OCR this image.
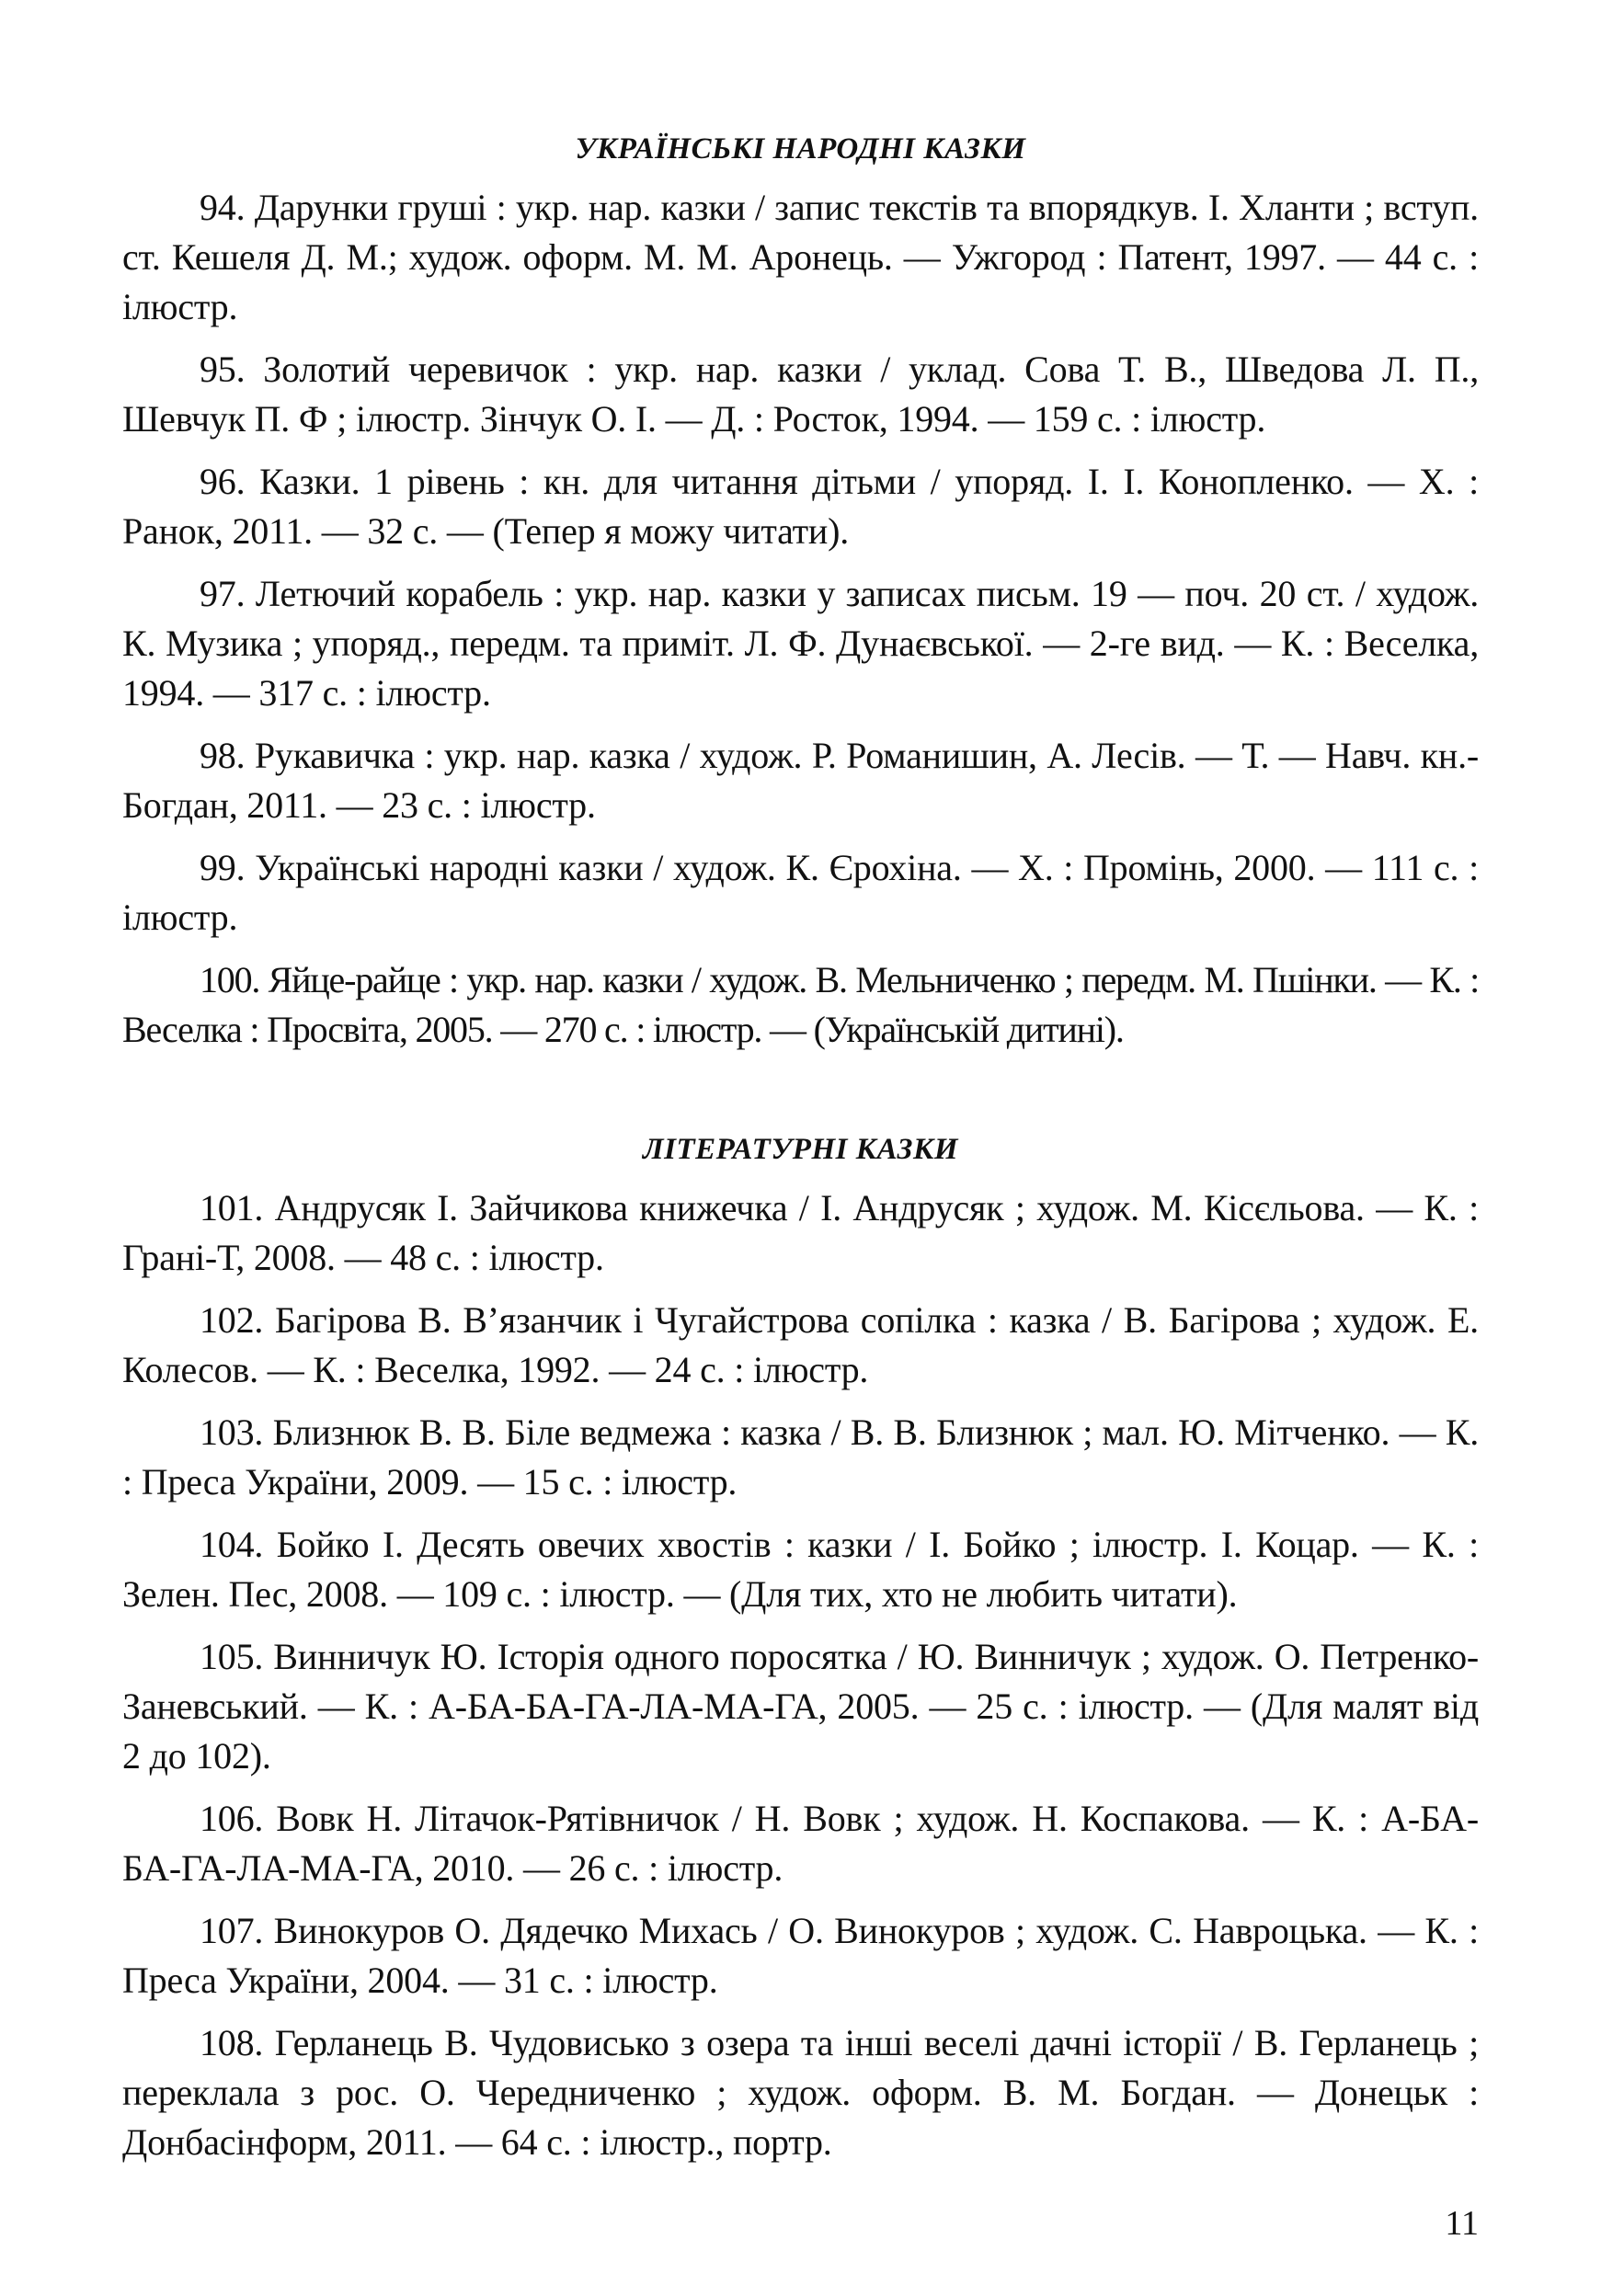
УКРАЇНСЬКІ НАРОДНІ КАЗКИ

94. Дарунки груші : укр. нар. казки / запис текстів та впорядкув. І. Хланти ; вступ. ст. Кешеля Д. М.; худож. оформ. М. М. Аронець. — Ужгород : Патент, 1997. — 44 с. : ілюстр.

95. Золотий черевичок : укр. нар. казки / уклад. Сова Т. В., Шведова Л. П., Шевчук П. Ф ; ілюстр. Зінчук О. І. — Д. : Росток, 1994. — 159 с. : ілюстр.

96. Казки. 1 рівень : кн. для читання дітьми / упоряд. І. І. Коноплeнко. — Х. : Ранок, 2011. — 32 с. — (Тепер я можу читати).

97. Летючий корабель : укр. нар. казки у записах письм. 19 — поч. 20 ст. / худож. К. Музика ; упоряд., передм. та приміт. Л. Ф. Дунаєвської. — 2-ге вид. — К. : Веселка, 1994. — 317 с. : ілюстр.

98. Рукавичка : укр. нар. казка / худож. Р. Романишин, А. Лесів. — Т. — Навч. кн.-Богдан, 2011. — 23 с. : ілюстр.

99. Українські народні казки / худож. К. Єрохіна. — Х. : Промінь, 2000. — 111 с. : ілюстр.

100. Яйце-райце : укр. нар. казки / худож. В. Мельниченко ; передм. М. Пшінки. — К. : Веселка : Просвіта, 2005. — 270 с. : ілюстр. — (Українській дитині).

ЛІТЕРАТУРНІ КАЗКИ

101. Андрусяк І. Зайчикова книжечка / І. Андрусяк ; худож. М. Кісєльова. — К. : Грані-Т, 2008. — 48 с. : ілюстр.

102. Багірова В. В’язанчик і Чугайстрова сопілка : казка / В. Багірова ; худож. Е. Колесов. — К. : Веселка, 1992. — 24 с. : ілюстр.

103. Близнюк В. В. Біле ведмежа : казка / В. В. Близнюк ; мал. Ю. Мітченко. — К. : Преса України, 2009. — 15 с. : ілюстр.

104. Бойко І. Десять овечих хвостів : казки / І. Бойко ; ілюстр. І. Коцар. — К. : Зелен. Пес, 2008. — 109 с. : ілюстр. — (Для тих, хто не любить читати).

105. Винничук Ю. Історія одного поросятка / Ю. Винничук ; худож. О. Петренко-Заневський. — К. : А-БА-БА-ГА-ЛА-МА-ГА, 2005. — 25 с. : ілюстр. — (Для малят від 2 до 102).

106. Вовк Н. Літачок-Рятівничок / Н. Вовк ; худож. Н. Коспакова. — К. : А-БА-БА-ГА-ЛА-МА-ГА, 2010. — 26 с. : ілюстр.

107. Винокуров О. Дядечко Михась / О. Винокуров ; худож. С. Навроцька. — К. : Преса України, 2004. — 31 с. : ілюстр.

108. Герланець В. Чудовисько з озера та інші веселі дачні історії / В. Герланець ; переклала з рос. О. Чередниченко ; худож. оформ. В. М. Богдан. — Донецьк : Донбасінформ, 2011. — 64 с. : ілюстр., портр.

11
